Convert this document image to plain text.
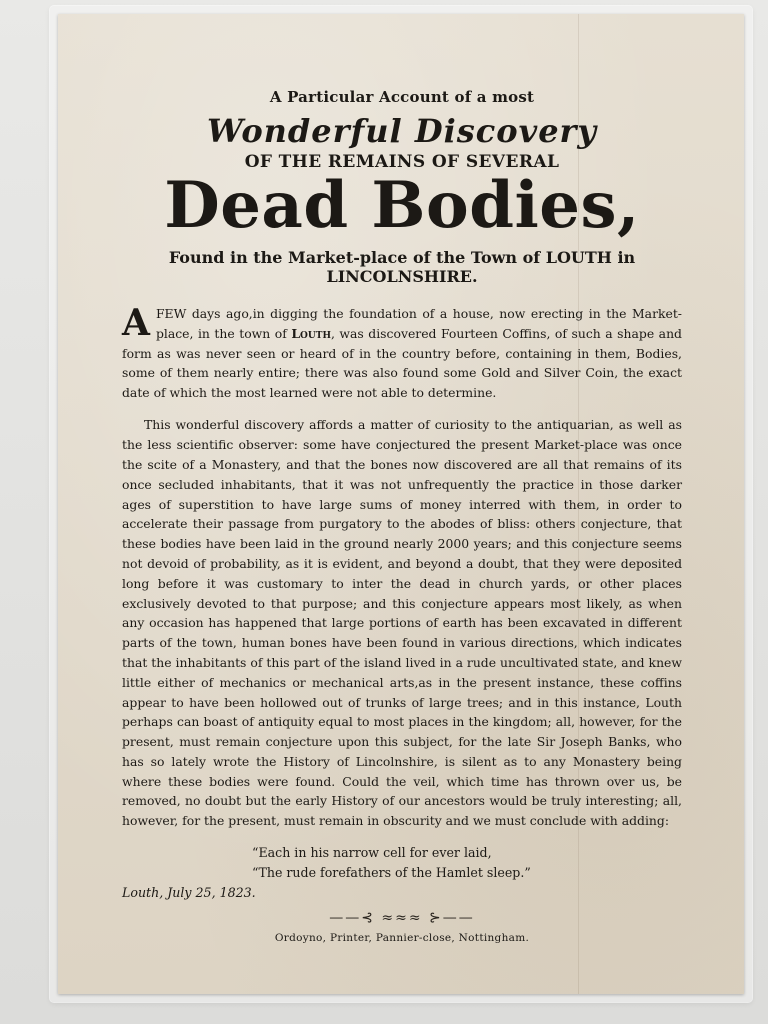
A Particular Account of a most
Wonderful Discovery
OF THE REMAINS OF SEVERAL
Dead Bodies,
Found in the Market-place of the Town of LOUTH in LINCOLNSHIRE.

AFEW days ago,in digging the foundation of a house, now erecting in the Market-place, in the town of Louth, was discovered Fourteen Coffins, of such a shape and form as was never seen or heard of in the country before, containing in them, Bodies, some of them nearly entire; there was also found some Gold and Silver Coin, the exact date of which the most learned were not able to determine.

This wonderful discovery affords a matter of curiosity to the antiquarian, as well as the less scientific observer: some have conjectured the present Market-place was once the scite of a Monastery, and that the bones now discovered are all that remains of its once secluded inhabitants, that it was not unfrequently the practice in those darker ages of superstition to have large sums of money interred with them, in order to accelerate their passage from purgatory to the abodes of bliss: others conjecture, that these bodies have been laid in the ground nearly 2000 years; and this conjecture seems not devoid of probability, as it is evident, and beyond a doubt, that they were deposited long before it was customary to inter the dead in church yards, or other places exclusively devoted to that purpose; and this conjecture appears most likely, as when any occasion has happened that large portions of earth has been excavated in different parts of the town, human bones have been found in various directions, which indicates that the inhabitants of this part of the island lived in a rude uncultivated state, and knew little either of mechanics or mechanical arts,as in the present instance, these coffins appear to have been hollowed out of trunks of large trees; and in this instance, Louth perhaps can boast of antiquity equal to most places in the kingdom; all, however, for the present, must remain conjecture upon this subject, for the late Sir Joseph Banks, who has so lately wrote the History of Lincolnshire, is silent as to any Monastery being where these bodies were found. Could the veil, which time has thrown over us, be removed, no doubt but the early History of our ancestors would be truly interesting; all, however, for the present, must remain in obscurity and we must conclude with adding:

“Each in his narrow cell for ever laid,
“The rude forefathers of the Hamlet sleep.”
Louth, July 25, 1823.
——⊰ ≈≈≈ ⊱——
Ordoyno, Printer, Pannier-close, Nottingham.
